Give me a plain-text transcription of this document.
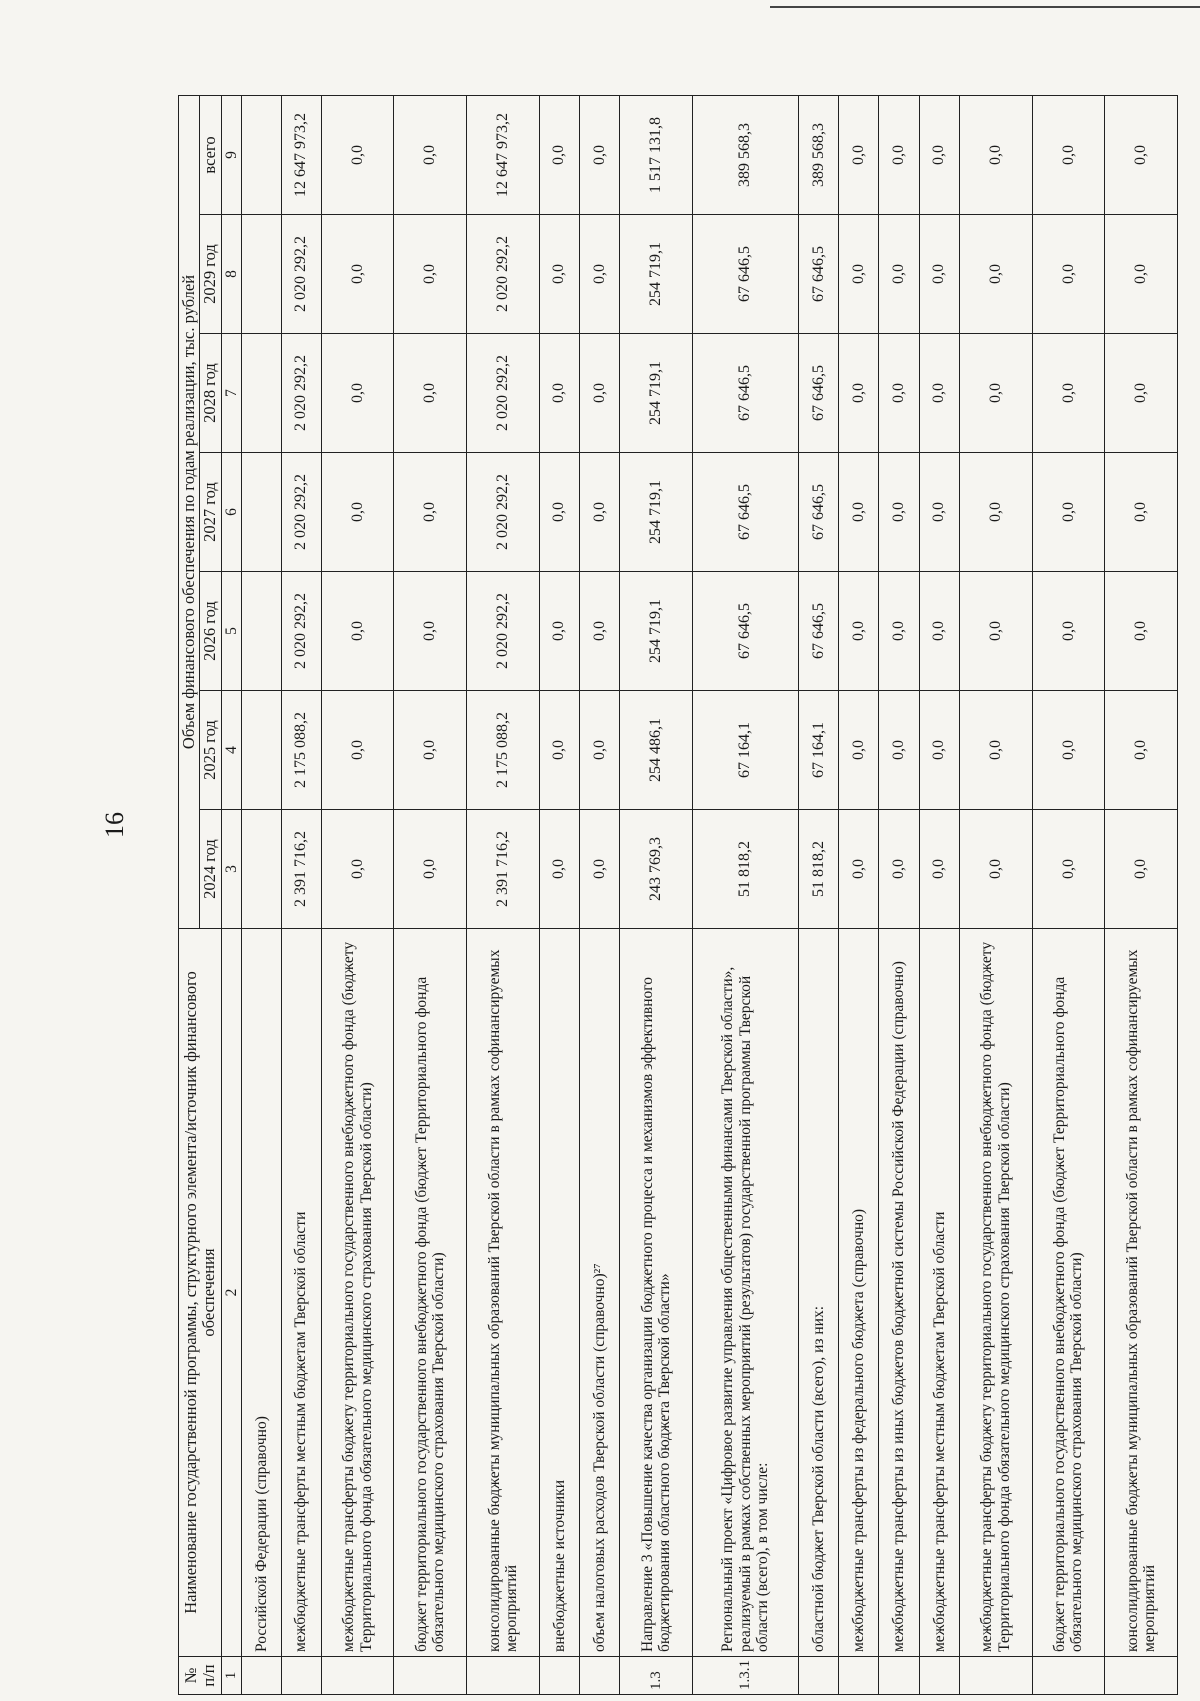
16
№ п/п	Наименование государственной программы, структурного элемента/источник финансового обеспечения	Объем финансового обеспечения по годам реализации, тыс. рублей						
		2024 год	2025 год	2026 год	2027 год	2028 год	2029 год	всего
1	2	3	4	5	6	7	8	9
	Российской Федерации (справочно)							
	межбюджетные трансферты местным бюджетам Тверской области	2 391 716,2	2 175 088,2	2 020 292,2	2 020 292,2	2 020 292,2	2 020 292,2	12 647 973,2
	межбюджетные трансферты бюджету территориального государственного внебюджетного фонда (бюджету Территориального фонда обязательного медицинского страхования Тверской области)	0,0	0,0	0,0	0,0	0,0	0,0	0,0
	бюджет территориального государственного внебюджетного фонда (бюджет Территориального фонда обязательного медицинского страхования Тверской области)	0,0	0,0	0,0	0,0	0,0	0,0	0,0
	консолидированные бюджеты муниципальных образований Тверской области в рамках софинансируемых мероприятий	2 391 716,2	2 175 088,2	2 020 292,2	2 020 292,2	2 020 292,2	2 020 292,2	12 647 973,2
	внебюджетные источники	0,0	0,0	0,0	0,0	0,0	0,0	0,0
	объем налоговых расходов Тверской области (справочно)²⁷	0,0	0,0	0,0	0,0	0,0	0,0	0,0
1.3	Направление 3 «Повышение качества организации бюджетного процесса и механизмов эффективного бюджетирования областного бюджета Тверской области»	243 769,3	254 486,1	254 719,1	254 719,1	254 719,1	254 719,1	1 517 131,8
1.3.1	Региональный проект «Цифровое развитие управления общественными финансами Тверской области», реализуемый в рамках собственных мероприятий (результатов) государственной программы Тверской области (всего), в том числе:	51 818,2	67 164,1	67 646,5	67 646,5	67 646,5	67 646,5	389 568,3
	областной бюджет Тверской области (всего), из них:	51 818,2	67 164,1	67 646,5	67 646,5	67 646,5	67 646,5	389 568,3
	межбюджетные трансферты из федерального бюджета (справочно)	0,0	0,0	0,0	0,0	0,0	0,0	0,0
	межбюджетные трансферты из иных бюджетов бюджетной системы Российской Федерации (справочно)	0,0	0,0	0,0	0,0	0,0	0,0	0,0
	межбюджетные трансферты местным бюджетам Тверской области	0,0	0,0	0,0	0,0	0,0	0,0	0,0
	межбюджетные трансферты бюджету территориального государственного внебюджетного фонда (бюджету Территориального фонда обязательного медицинского страхования Тверской области)	0,0	0,0	0,0	0,0	0,0	0,0	0,0
	бюджет территориального государственного внебюджетного фонда (бюджет Территориального фонда обязательного медицинского страхования Тверской области)	0,0	0,0	0,0	0,0	0,0	0,0	0,0
	консолидированные бюджеты муниципальных образований Тверской области в рамках софинансируемых мероприятий	0,0	0,0	0,0	0,0	0,0	0,0	0,0
